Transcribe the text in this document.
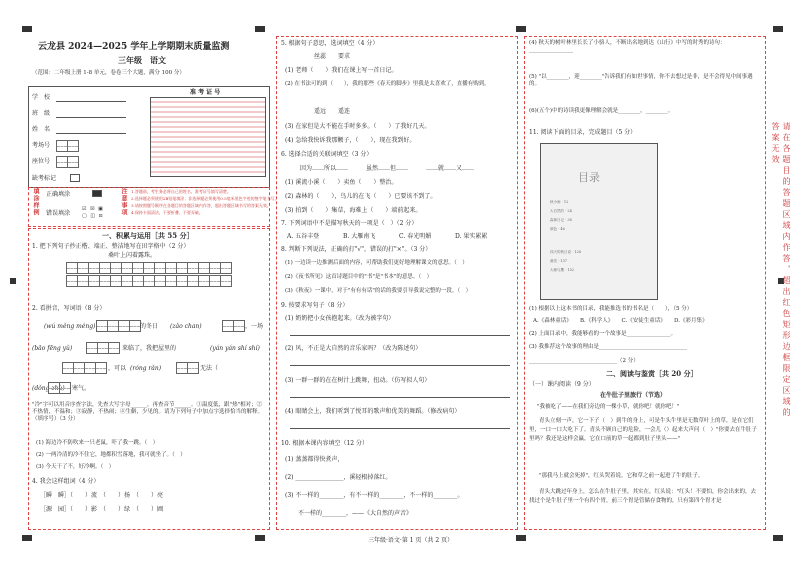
云龙县 2024—2025 学年上学期期末质量监测
三年级　语文
（范围：二年级上册 1-8 单元，卷卷三个大题，满分 100 分）
学　校
班　级
姓　名
考场号
座位号
缺考标记
准 考 证 号
填涂样例 正确填涂
错误填涂
☑ ☒ ▣
▢ ◫ ⊡	注意事项 1.答题前，考生务必将自己的姓名、准考证号填写清楚。
2.选择题必须使用2B铅笔填涂；非选择题必须使用0.5毫米黑色字迹的签字笔书写。
3.请按照题号顺序在各题目的答题区域内作答，超出答题区域书写的答案无效。
4.保持卡面清洁，不要折叠、不要弄破。
一、积累与运用［共 55 分］
1. 把下列句子抄正楷、端正、整洁地写在田字格中（2 分）
桑叶上闪着露珠。
2. 看拼音，写词语（8 分）
(wú měng méng)	的冬日 (zǎo chan)	，一场
(bāo fēng yǔ)	来临了，我把屋里的	(yán yán shí shí)
，可以 (róng rǎn)	无法（
(dǒng zhù) 寒气。
"冷"字可以用音序查字法，先查大写字母______，再查音节______。①温度低，跟"热"相对；②不热情，不温和；③寂静，不热闹；④生僻，少见的。请为下列句子中加点字选择恰当的解释。（填序号）（3 分）
(1) 海边冷不防吹来一只老鼠，吓了我一跳。（　）
(2) 一两冷清的冷不住它，地都积雪落地，我可就坐了。（　）
(3) 今天干了不，好冷啊。（　）
4. 我会这样组词（4 分）
［瞬　瞬］（　　）流　（　　）扬　（　　）亮
［源　园］（　　）影　（　　）绿　（　　）圃
5. 根据句子意思，选词填空（4 分）
丝蕊　　要求
(1) 老师（　　）我们在课上写一首日记。
(2) 在书法可的到（　　），我的那些《春天的脚步》里我是太喜欢了，直播有购到。
遥远　　遥连
(3) 在家但是大不能在手时多多。（　　）了我好几天。
(4) 急给我快诉我那颗子，（　　），现在我到好。
6. 选择合适的关联词填空（3 分）
因为……所以……　　　虽然……但……　　　……就……又……
(1) 溪流小溪（　　）卖鱼（　　）整治。
(2) 森林的（　　），鸟儿的在飞（　　）已要该不到了。
(3) 拍到（　　）集草，海难上（　　）端前起来。
7. 下列词语中不是描写秋天的一项是（　）（2 分）
A. 五谷丰登	B. 大雁南飞	C. 春光明媚	D. 果实累累
8. 判断下列说法，正确的打"√"，错误的打"×"。（3 分）
(1) 一边读一边推测后面的内容，可帮助我们更好地理解课文的意思。（　）
(2)《夜书所见》这首诗题目中的"书"是"书本"的意思。（　）
(3)《秋夜》一课中，对于"有有有话"的话的我要引导我说完整的一段。（　）
9. 按要求写句子（8 分）
(1) 奶奶把小女孩抱起来。（改为被字句）
(2) 风，不正是大自然的音乐家吗？（改为陈述句）
(3) 一群一群的在在树汁上跳舞，扭动。（仿写拟人句）
(4) 眼睛会上，我们听到了悦耳的歌声和优美的舞蹈。（修改病句）
10. 根据本课内容填空（12 分）
(1) 蒸蒸都得快煮声，
(2) ________________，溪轻根掉落红。
(3) 不一样的________，有不一样的________，不一样的________。
不一样的________，——《大自然的声音》
三年级·语文·第 1 页（共 2 页）
(4) 秋天的树叶林里长长了小骆人，不断出名地到达《山行》中写的时秀的诗句：________________
(5) "以________，迎________"告诉我们有如世事情，你不去想过是非，是不会得见中间事遇的。
(6)(五个)中的诗读我更像理解会就是________，________。
11. 阅读下面的目录，完成题目（5 分）
目录
秋小雨 · 12
大自然的 · 24
森林日记 · 38
颜色 · 46
四天的秋日说 · 128
菌类 · 137
大雁与鹰 · 152
(1) 根据以上这本书的目录，我能推选书的书名是（　　），（5 分）
A.《森林童话》　　B.《科学人》　　C.《安徒生童话》　　D.《彩月集》
(2) 上面目录中，我能够看的一个故事是________________。
(3) 我推荐这个故事的理由是________________________________
________________________________（2 分）
二、阅读与鉴赏［共 20 分］
（一）课内阅读（9 分）
在牛肚子里旅行（节选）
"我被吃了——在我们旁边的一棵小草，就你吧！就你吧！"
青头立刻一声，它一下子（　）到牛的身上，可是牛头牛里是无数草叶上的草，是在它们里，一口一口大吃下了。青头不顾自己的危险，一会儿（）起来大声问（　）"你要去在牛肚子里吗？我还是这样会赢，它在口前的草一起都到肚子里头——"
"那我马上就会死掉"，红头哭着说。它和草之前一起进了牛的肚子。
青头大跳过年身上，怎么在牛肚子里，其实在，红头说："红头！不要怕，你会出来的，去找过个是牛肚子里一个有四个胃，前三个胃是管储存食物的，只有第四个胃才是
请在各题目的答题区域内作答，超出红色矩形边框限定区域的答案无效
